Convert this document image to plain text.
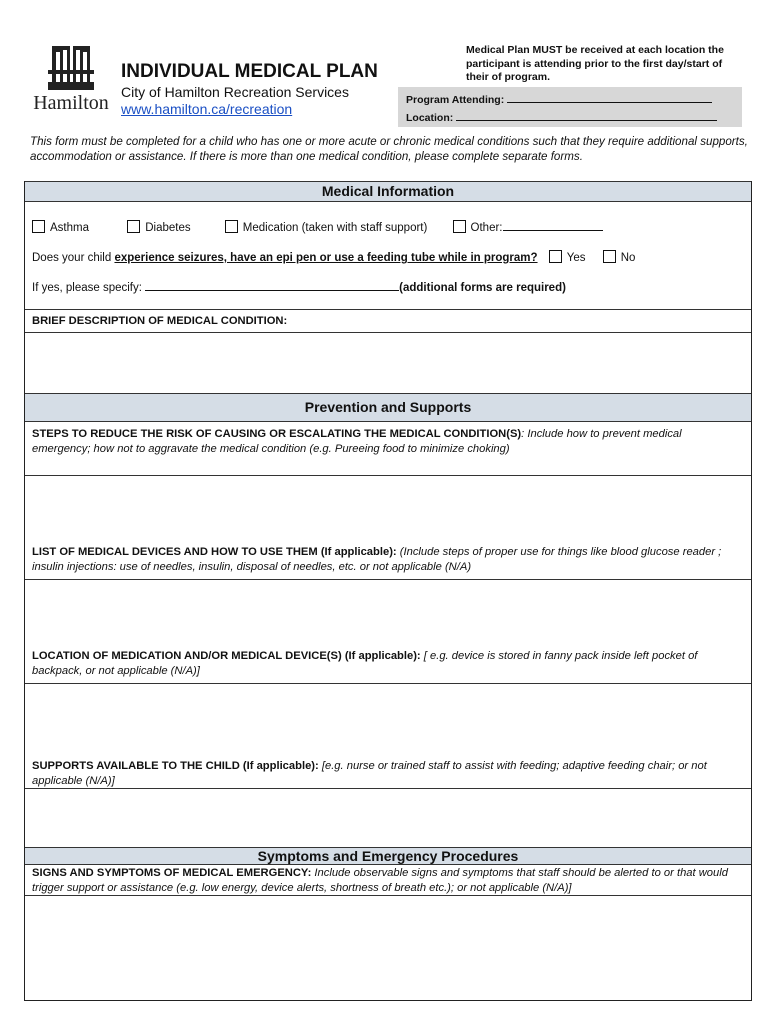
Hamilton
INDIVIDUAL MEDICAL PLAN
City of Hamilton Recreation Services
www.hamilton.ca/recreation
Medical Plan MUST be received at each location the participant is attending prior to the first day/start of their of program.
Program Attending:
Location:
This form must be completed for a child who has one or more acute or chronic medical conditions such that they require additional supports, accommodation or assistance. If there is more than one medical condition, please complete separate forms.
Medical Information
Asthma	Diabetes	Medication (taken with staff support)	Other:
Does your child experience seizures, have an epi pen or use a feeding tube while in program?	Yes	No
If yes, please specify:	(additional forms are required)
BRIEF DESCRIPTION OF MEDICAL CONDITION:
Prevention and Supports
STEPS TO REDUCE THE RISK OF CAUSING OR ESCALATING THE MEDICAL CONDITION(S): Include how to prevent medical emergency; how not to aggravate the medical condition (e.g. Pureeing food to minimize choking)
LIST OF MEDICAL DEVICES AND HOW TO USE THEM (If applicable): (Include steps of proper use for things like blood glucose reader ; insulin injections: use of needles, insulin, disposal of needles, etc. or not applicable (N/A)
LOCATION OF MEDICATION AND/OR MEDICAL DEVICE(S) (If applicable): [ e.g. device is stored in fanny pack inside left pocket of backpack, or not applicable (N/A)]
SUPPORTS AVAILABLE TO THE CHILD (If applicable): [e.g. nurse or trained staff to assist with feeding; adaptive feeding chair; or not applicable (N/A)]
Symptoms and Emergency Procedures
SIGNS AND SYMPTOMS OF MEDICAL EMERGENCY: Include observable signs and symptoms that staff should be alerted to or that would trigger support or assistance (e.g. low energy, device alerts, shortness of breath etc.); or not applicable (N/A)]
